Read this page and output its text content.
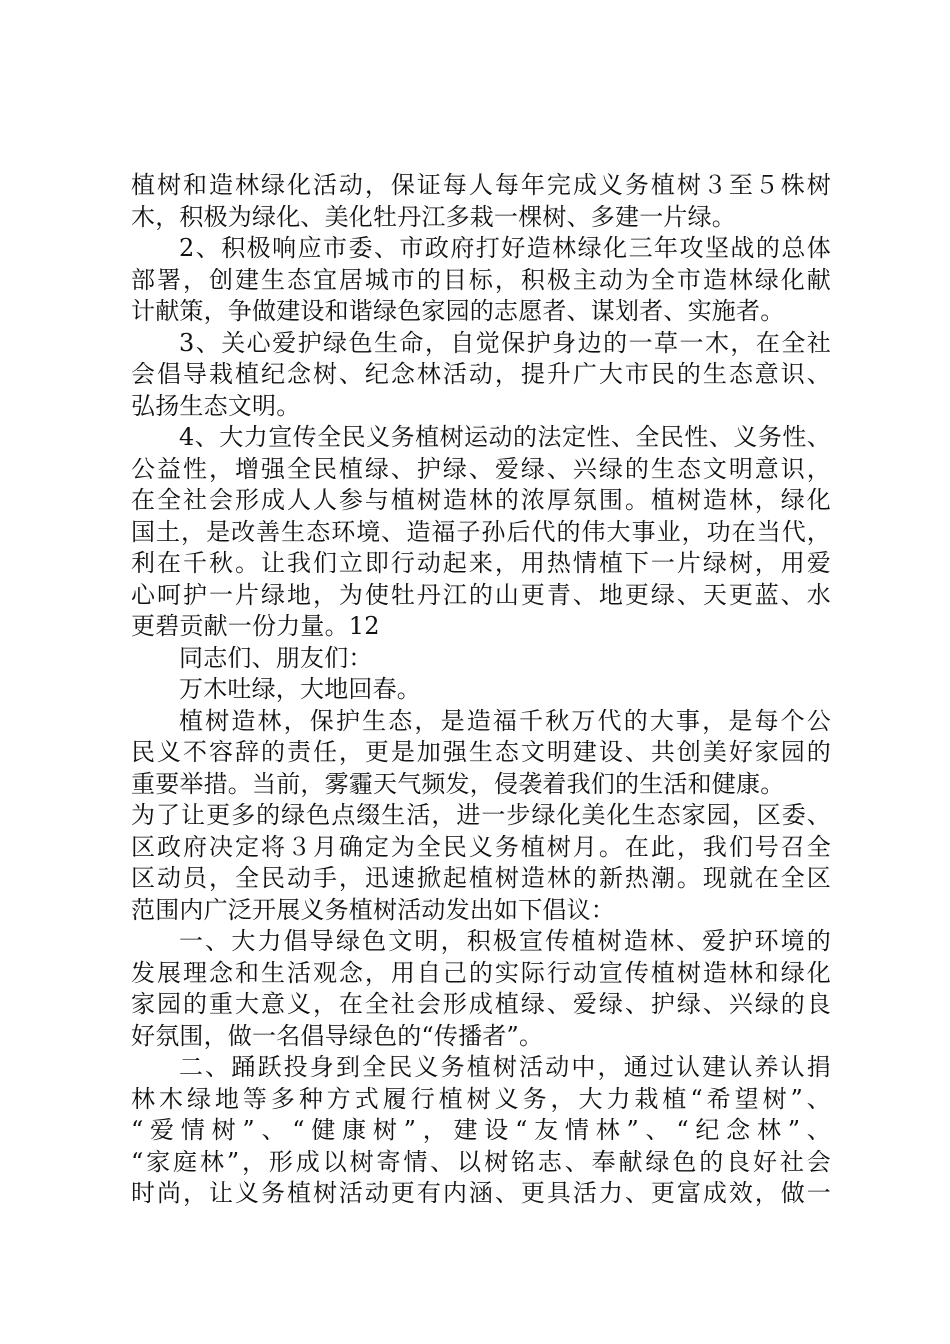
植树和造林绿化活动，保证每人每年完成义务植树３至５株树
木，积极为绿化、美化牡丹江多栽一棵树、多建一片绿。
2、积极响应市委、市政府打好造林绿化三年攻坚战的总体
部署，创建生态宜居城市的目标，积极主动为全市造林绿化献
计献策，争做建设和谐绿色家园的志愿者、谋划者、实施者。
3、关心爱护绿色生命，自觉保护身边的一草一木，在全社
会倡导栽植纪念树、纪念林活动，提升广大市民的生态意识、
弘扬生态文明。
4、大力宣传全民义务植树运动的法定性、全民性、义务性、
公益性，增强全民植绿、护绿、爱绿、兴绿的生态文明意识，
在全社会形成人人参与植树造林的浓厚氛围。植树造林，绿化
国土，是改善生态环境、造福子孙后代的伟大事业，功在当代，
利在千秋。让我们立即行动起来，用热情植下一片绿树，用爱
心呵护一片绿地，为使牡丹江的山更青、地更绿、天更蓝、水
更碧贡献一份力量。12
同志们、朋友们：
万木吐绿，大地回春。
植树造林，保护生态，是造福千秋万代的大事，是每个公
民义不容辞的责任，更是加强生态文明建设、共创美好家园的
重要举措。当前，雾霾天气频发，侵袭着我们的生活和健康。
为了让更多的绿色点缀生活，进一步绿化美化生态家园，区委、
区政府决定将３月确定为全民义务植树月。在此，我们号召全
区动员，全民动手，迅速掀起植树造林的新热潮。现就在全区
范围内广泛开展义务植树活动发出如下倡议：
一、大力倡导绿色文明，积极宣传植树造林、爱护环境的
发展理念和生活观念，用自己的实际行动宣传植树造林和绿化
家园的重大意义，在全社会形成植绿、爱绿、护绿、兴绿的良
好氛围，做一名倡导绿色的“传播者”。
二、踊跃投身到全民义务植树活动中，通过认建认养认捐
林木绿地等多种方式履行植树义务，大力栽植“希望树”、
“爱情树”、“健康树”，建设“友情林”、“纪念林”、
“家庭林”，形成以树寄情、以树铭志、奉献绿色的良好社会
时尚，让义务植树活动更有内涵、更具活力、更富成效，做一
